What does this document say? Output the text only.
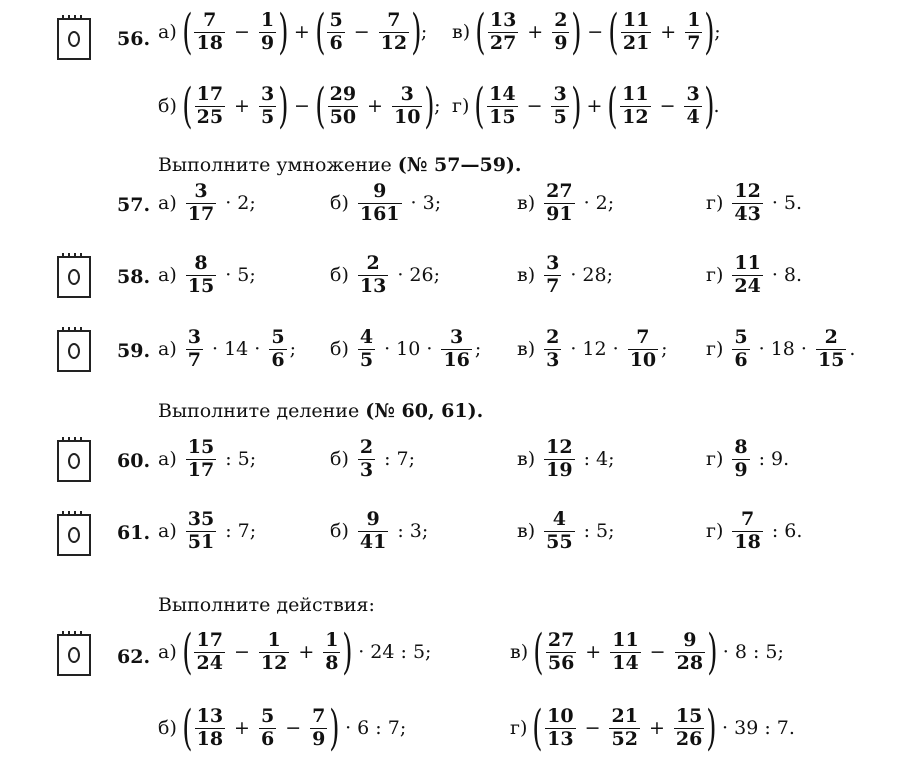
56. а) ( $\frac{7}{18} - \frac{1}{9}$ ) + ( $\frac{5}{6} - \frac{7}{12}$ ) ; в) ( $\frac{13}{27} + \frac{2}{9}$ ) − ( $\frac{11}{21} + \frac{1}{7}$ ) ;
б) ( $\frac{17}{25} + \frac{3}{5}$ ) − ( $\frac{29}{50} + \frac{3}{10}$ ) ; г) ( $\frac{14}{15} - \frac{3}{5}$ ) + ( $\frac{11}{12} - \frac{3}{4}$ ) .
Выполните умножение (№ 57—59).
57. $а) \frac{3}{17} \cdot 2$;	$б) \frac{9}{161} \cdot 3$;	$в) \frac{27}{91} \cdot 2$;	$г) \frac{12}{43} \cdot 5$.
58. $а) \frac{8}{15} \cdot 5$;	$б) \frac{2}{13} \cdot 26$;	$в) \frac{3}{7} \cdot 28$;	$г) \frac{11}{24} \cdot 8$.
59. $а) \frac{3}{7} \cdot 14 \cdot \frac{5}{6}$ ; $б) \frac{4}{5} \cdot 10 \cdot \frac{3}{16}$ ; $в) \frac{2}{3} \cdot 12 \cdot \frac{7}{10}$ ; $г) \frac{5}{6} \cdot 18 \cdot \frac{2}{15}$ .
Выполните деление (№ 60, 61).
60. $а) \frac{15}{17}$ : 5;	$б) \frac{2}{3}$ : 7;	$в) \frac{12}{19}$ : 4;	$г) \frac{8}{9}$ : 9.
61. $а) \frac{35}{51}$ : 7;	$б) \frac{9}{41}$ : 3;	$в) \frac{4}{55}$ : 5;	$г) \frac{7}{18}$ : 6.
Выполните действия:
62. а) ( $\frac{17}{24} - \frac{1}{12} + \frac{1}{8}$ ) · 24 : 5;	в) ( $\frac{27}{56} + \frac{11}{14} - \frac{9}{28}$ ) · 8 : 5;
б) ( $\frac{13}{18} + \frac{5}{6} - \frac{7}{9}$ ) · 6 : 7;	г) ( $\frac{10}{13} - \frac{21}{52} + \frac{15}{26}$ ) · 39 : 7.
